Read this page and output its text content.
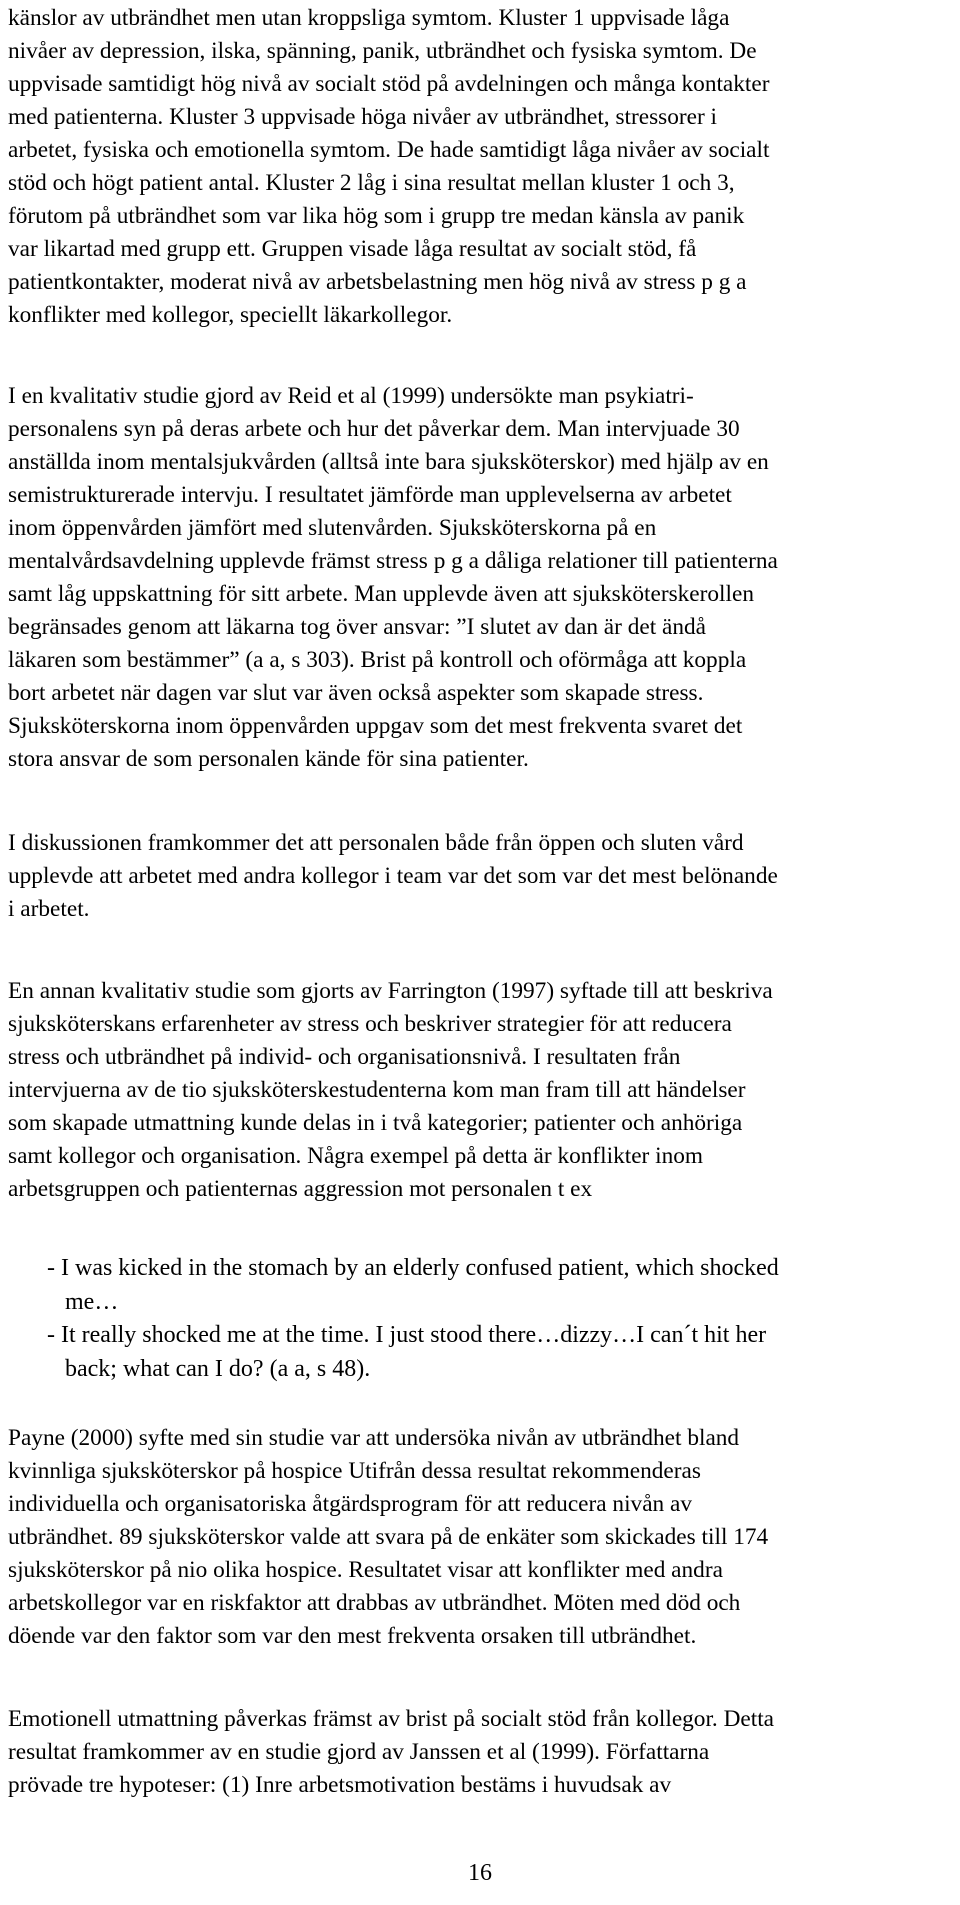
känslor av utbrändhet men utan kroppsliga symtom. Kluster 1 uppvisade låga
nivåer av depression, ilska, spänning, panik, utbrändhet och fysiska symtom. De
uppvisade samtidigt hög nivå av socialt stöd på avdelningen och många kontakter
med patienterna. Kluster 3 uppvisade höga nivåer av utbrändhet, stressorer i
arbetet, fysiska och emotionella symtom. De hade samtidigt låga nivåer av socialt
stöd och högt patient antal. Kluster 2 låg i sina resultat mellan kluster 1 och 3,
förutom på utbrändhet som var lika hög som i grupp tre medan känsla av panik
var likartad med grupp ett. Gruppen visade låga resultat av socialt stöd, få
patientkontakter, moderat nivå av arbetsbelastning men hög nivå av stress p g a
konflikter med kollegor, speciellt läkarkollegor.
I en kvalitativ studie gjord av Reid et al (1999) undersökte man psykiatri-
personalens syn på deras arbete och hur det påverkar dem. Man intervjuade 30
anställda inom mentalsjukvården (alltså inte bara sjuksköterskor) med hjälp av en
semistrukturerade intervju. I resultatet jämförde man upplevelserna av arbetet
inom öppenvården jämfört med slutenvården. Sjuksköterskorna på en
mentalvårdsavdelning upplevde främst stress p g a dåliga relationer till patienterna
samt låg uppskattning för sitt arbete. Man upplevde även att sjuksköterskerollen
begränsades genom att läkarna tog över ansvar: ”I slutet av dan är det ändå
läkaren som bestämmer” (a a, s 303). Brist på kontroll och oförmåga att koppla
bort arbetet när dagen var slut var även också aspekter som skapade stress.
Sjuksköterskorna inom öppenvården uppgav som det mest frekventa svaret det
stora ansvar de som personalen kände för sina patienter.
I diskussionen framkommer det att personalen både från öppen och sluten vård
upplevde att arbetet med andra kollegor i team var det som var det mest belönande
i arbetet.
En annan kvalitativ studie som gjorts av Farrington (1997) syftade till att beskriva
sjuksköterskans erfarenheter av stress och beskriver strategier för att reducera
stress och utbrändhet på individ- och organisationsnivå. I resultaten från
intervjuerna av de tio sjuksköterskestudenterna kom man fram till att händelser
som skapade utmattning kunde delas in i två kategorier; patienter och anhöriga
samt kollegor och organisation. Några exempel på detta är konflikter inom
arbetsgruppen och patienternas aggression mot personalen t ex
- I was kicked in the stomach by an elderly confused patient, which shocked
me…
- It really shocked me at the time. I just stood there…dizzy…I can´t hit her
back; what can I do? (a a, s 48).
Payne (2000) syfte med sin studie var att undersöka nivån av utbrändhet bland
kvinnliga sjuksköterskor på hospice Utifrån dessa resultat rekommenderas
individuella och organisatoriska åtgärdsprogram för att reducera nivån av
utbrändhet. 89 sjuksköterskor valde att svara på de enkäter som skickades till 174
sjuksköterskor på nio olika hospice. Resultatet visar att konflikter med andra
arbetskollegor var en riskfaktor att drabbas av utbrändhet. Möten med död och
döende var den faktor som var den mest frekventa orsaken till utbrändhet.
Emotionell utmattning påverkas främst av brist på socialt stöd från kollegor. Detta
resultat framkommer av en studie gjord av Janssen et al (1999). Författarna
prövade tre hypoteser: (1) Inre arbetsmotivation bestäms i huvudsak av
16
